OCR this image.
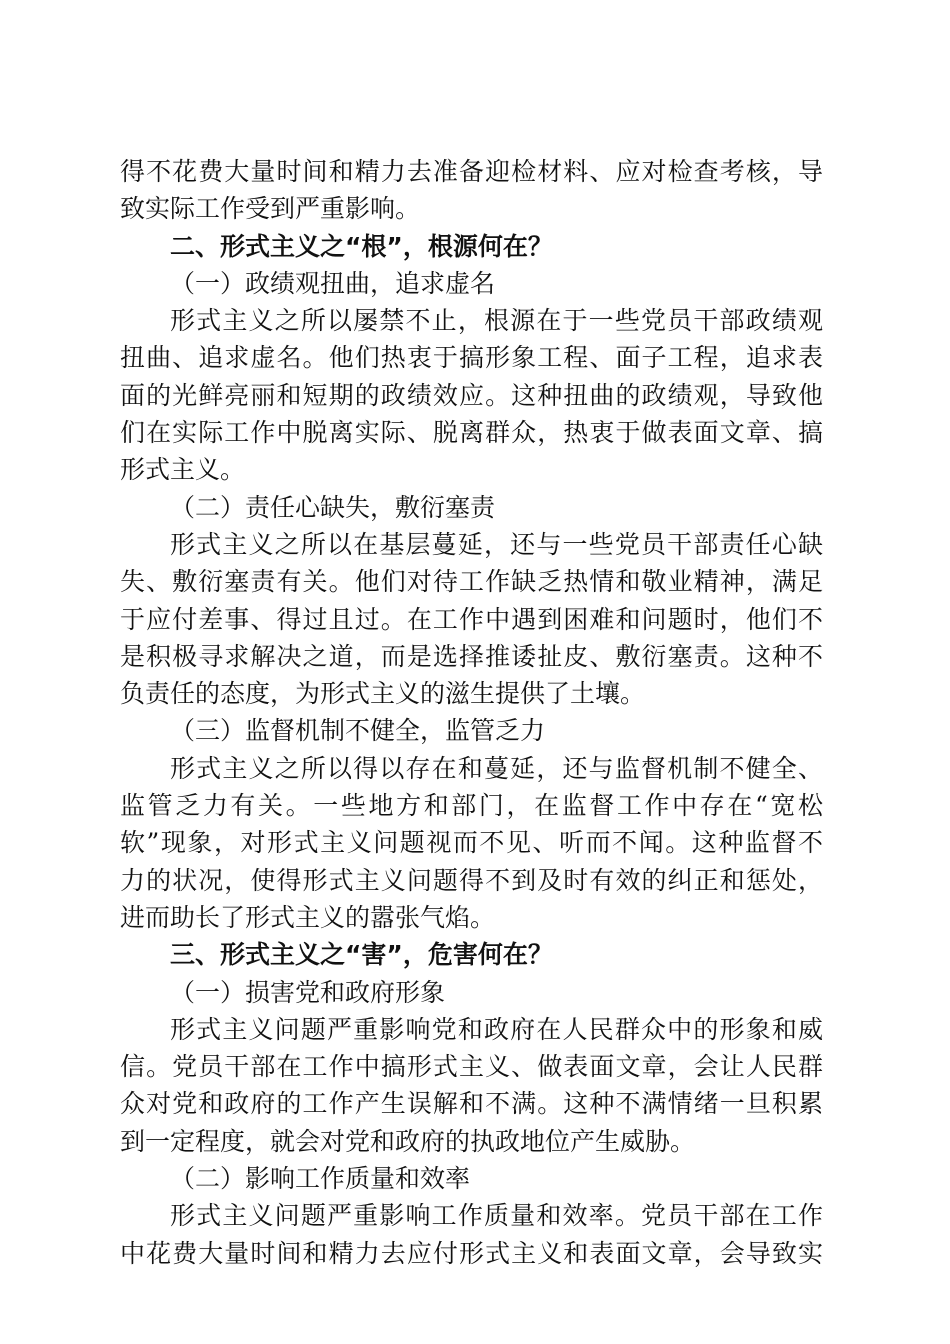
得不花费大量时间和精力去准备迎检材料、应对检查考核，导
致实际工作受到严重影响。
二、形式主义之“根”，根源何在？
（一）政绩观扭曲，追求虚名
形式主义之所以屡禁不止，根源在于一些党员干部政绩观
扭曲、追求虚名。他们热衷于搞形象工程、面子工程，追求表
面的光鲜亮丽和短期的政绩效应。这种扭曲的政绩观，导致他
们在实际工作中脱离实际、脱离群众，热衷于做表面文章、搞
形式主义。
（二）责任心缺失，敷衍塞责
形式主义之所以在基层蔓延，还与一些党员干部责任心缺
失、敷衍塞责有关。他们对待工作缺乏热情和敬业精神，满足
于应付差事、得过且过。在工作中遇到困难和问题时，他们不
是积极寻求解决之道，而是选择推诿扯皮、敷衍塞责。这种不
负责任的态度，为形式主义的滋生提供了土壤。
（三）监督机制不健全，监管乏力
形式主义之所以得以存在和蔓延，还与监督机制不健全、
监管乏力有关。一些地方和部门，在监督工作中存在“宽松
软”现象，对形式主义问题视而不见、听而不闻。这种监督不
力的状况，使得形式主义问题得不到及时有效的纠正和惩处，
进而助长了形式主义的嚣张气焰。
三、形式主义之“害”，危害何在？
（一）损害党和政府形象
形式主义问题严重影响党和政府在人民群众中的形象和威
信。党员干部在工作中搞形式主义、做表面文章，会让人民群
众对党和政府的工作产生误解和不满。这种不满情绪一旦积累
到一定程度，就会对党和政府的执政地位产生威胁。
（二）影响工作质量和效率
形式主义问题严重影响工作质量和效率。党员干部在工作
中花费大量时间和精力去应付形式主义和表面文章，会导致实
